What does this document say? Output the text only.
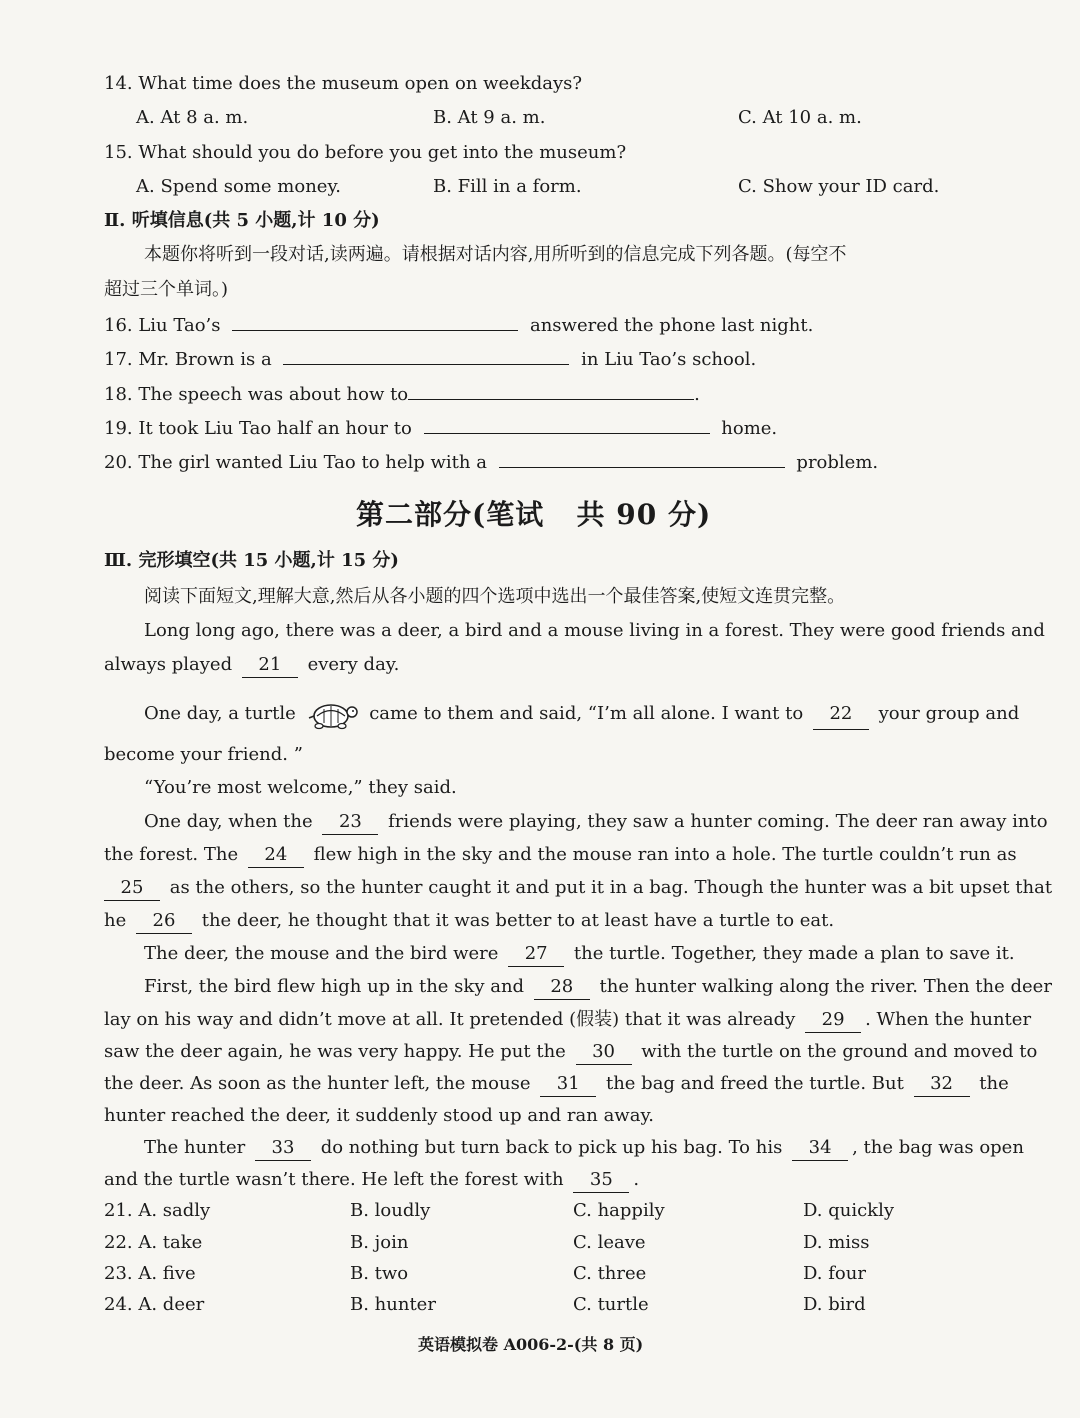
14. What time does the museum open on weekdays?
A. At 8 a. m.	B. At 9 a. m.	C. At 10 a. m.
15. What should you do before you get into the museum?
A. Spend some money.	B. Fill in a form.	C. Show your ID card.
Ⅱ. 听填信息(共 5 小题,计 10 分)
本题你将听到一段对话,读两遍。请根据对话内容,用所听到的信息完成下列各题。(每空不
超过三个单词。)
16. Liu Tao’s	answered the phone last night.
17. Mr. Brown is a	in Liu Tao’s school.
18. The speech was about how to	.
19. It took Liu Tao half an hour to	home.
20. The girl wanted Liu Tao to help with a	problem.
第二部分(笔试   共 90 分)
Ⅲ. 完形填空(共 15 小题,计 15 分)
阅读下面短文,理解大意,然后从各小题的四个选项中选出一个最佳答案,使短文连贯完整。
Long long ago, there was a deer, a bird and a mouse living in a forest. They were good friends and
always played 21 every day.
One day, a turtle	came to them and said, “I’m all alone. I want to 22 your group and
become your friend. ”
“You’re most welcome,” they said.
One day, when the 23 friends were playing, they saw a hunter coming. The deer ran away into
the forest. The 24 flew high in the sky and the mouse ran into a hole. The turtle couldn’t run as
25 as the others, so the hunter caught it and put it in a bag. Though the hunter was a bit upset that
he 26 the deer, he thought that it was better to at least have a turtle to eat.
The deer, the mouse and the bird were 27 the turtle. Together, they made a plan to save it.
First, the bird flew high up in the sky and 28 the hunter walking along the river. Then the deer
lay on his way and didn’t move at all. It pretended (假装) that it was already 29 . When the hunter
saw the deer again, he was very happy. He put the 30 with the turtle on the ground and moved to
the deer. As soon as the hunter left, the mouse 31 the bag and freed the turtle. But 32 the
hunter reached the deer, it suddenly stood up and ran away.
The hunter 33 do nothing but turn back to pick up his bag. To his 34 , the bag was open
and the turtle wasn’t there. He left the forest with 35 .
21. A. sadly	B. loudly	C. happily	D. quickly
22. A. take	B. join	C. leave	D. miss
23. A. five	B. two	C. three	D. four
24. A. deer	B. hunter	C. turtle	D. bird
英语模拟卷 A006-2-(共 8 页)
